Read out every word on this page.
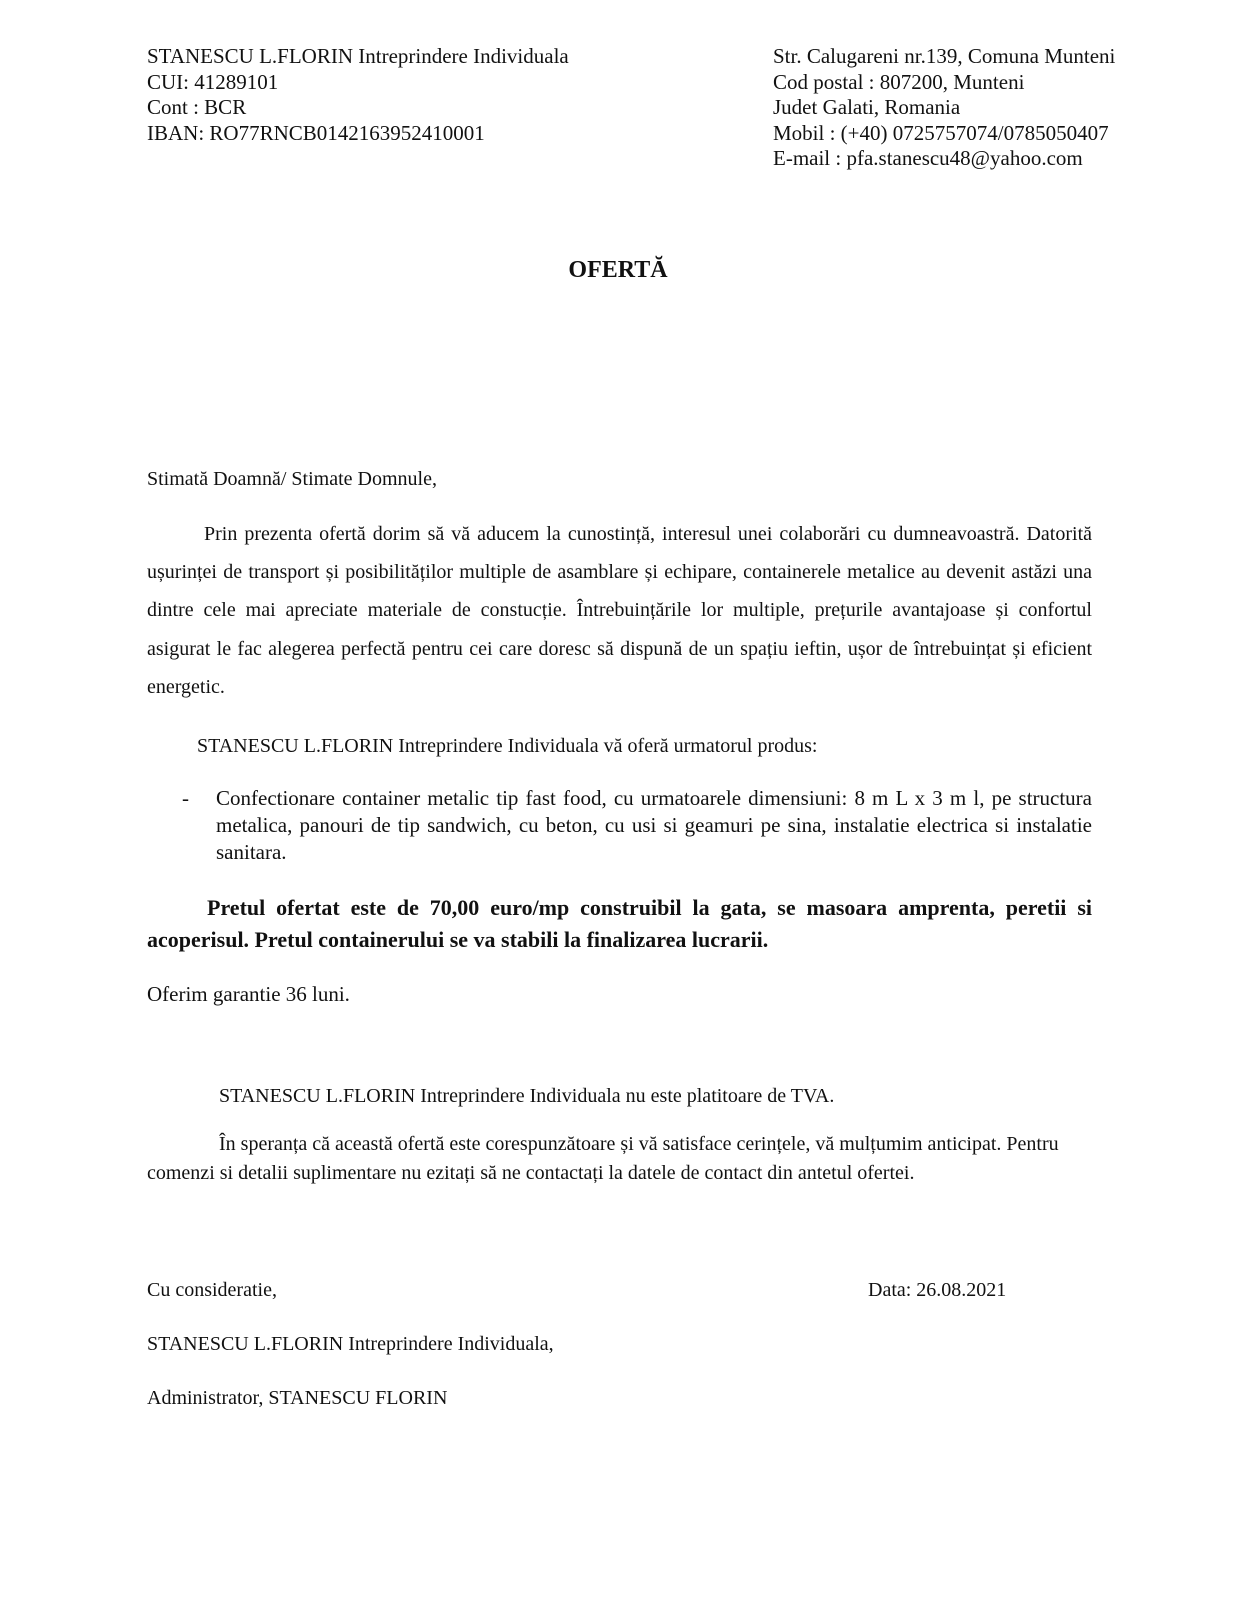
STANESCU L.FLORIN Intreprindere Individuala
CUI: 41289101
Cont : BCR
IBAN: RO77RNCB0142163952410001
Str. Calugareni nr.139, Comuna Munteni
Cod postal : 807200, Munteni
Judet Galati, Romania
Mobil : (+40) 0725757074/0785050407
E-mail : pfa.stanescu48@yahoo.com
OFERTĂ
Stimată Doamnă/ Stimate Domnule,
Prin prezenta ofertă dorim să vă aducem la cunostință, interesul unei colaborări cu dumneavoastră. Datorită ușurinței de transport și posibilităților multiple de asamblare și echipare, containerele metalice au devenit astăzi una dintre cele mai apreciate materiale de constucție. Întrebuințările lor multiple, prețurile avantajoase și confortul asigurat le fac alegerea perfectă pentru cei care doresc să dispună de un spațiu ieftin, ușor de întrebuințat și eficient energetic.
STANESCU L.FLORIN Intreprindere Individuala vă oferă urmatorul produs:
- Confectionare container metalic tip fast food, cu urmatoarele dimensiuni: 8 m L x 3 m l, pe structura metalica, panouri de tip sandwich, cu beton, cu usi si geamuri pe sina, instalatie electrica si instalatie sanitara.
Pretul ofertat este de 70,00 euro/mp construibil la gata, se masoara amprenta, peretii si acoperisul. Pretul containerului se va stabili la finalizarea lucrarii.
Oferim garantie 36 luni.
STANESCU L.FLORIN Intreprindere Individuala nu este platitoare de TVA.
În speranța că această ofertă este corespunzătoare și vă satisface cerințele, vă mulțumim anticipat. Pentru comenzi si detalii suplimentare nu ezitați să ne contactați la datele de contact din antetul ofertei.
Cu consideratie,	Data: 26.08.2021
STANESCU L.FLORIN Intreprindere Individuala,
Administrator, STANESCU FLORIN
